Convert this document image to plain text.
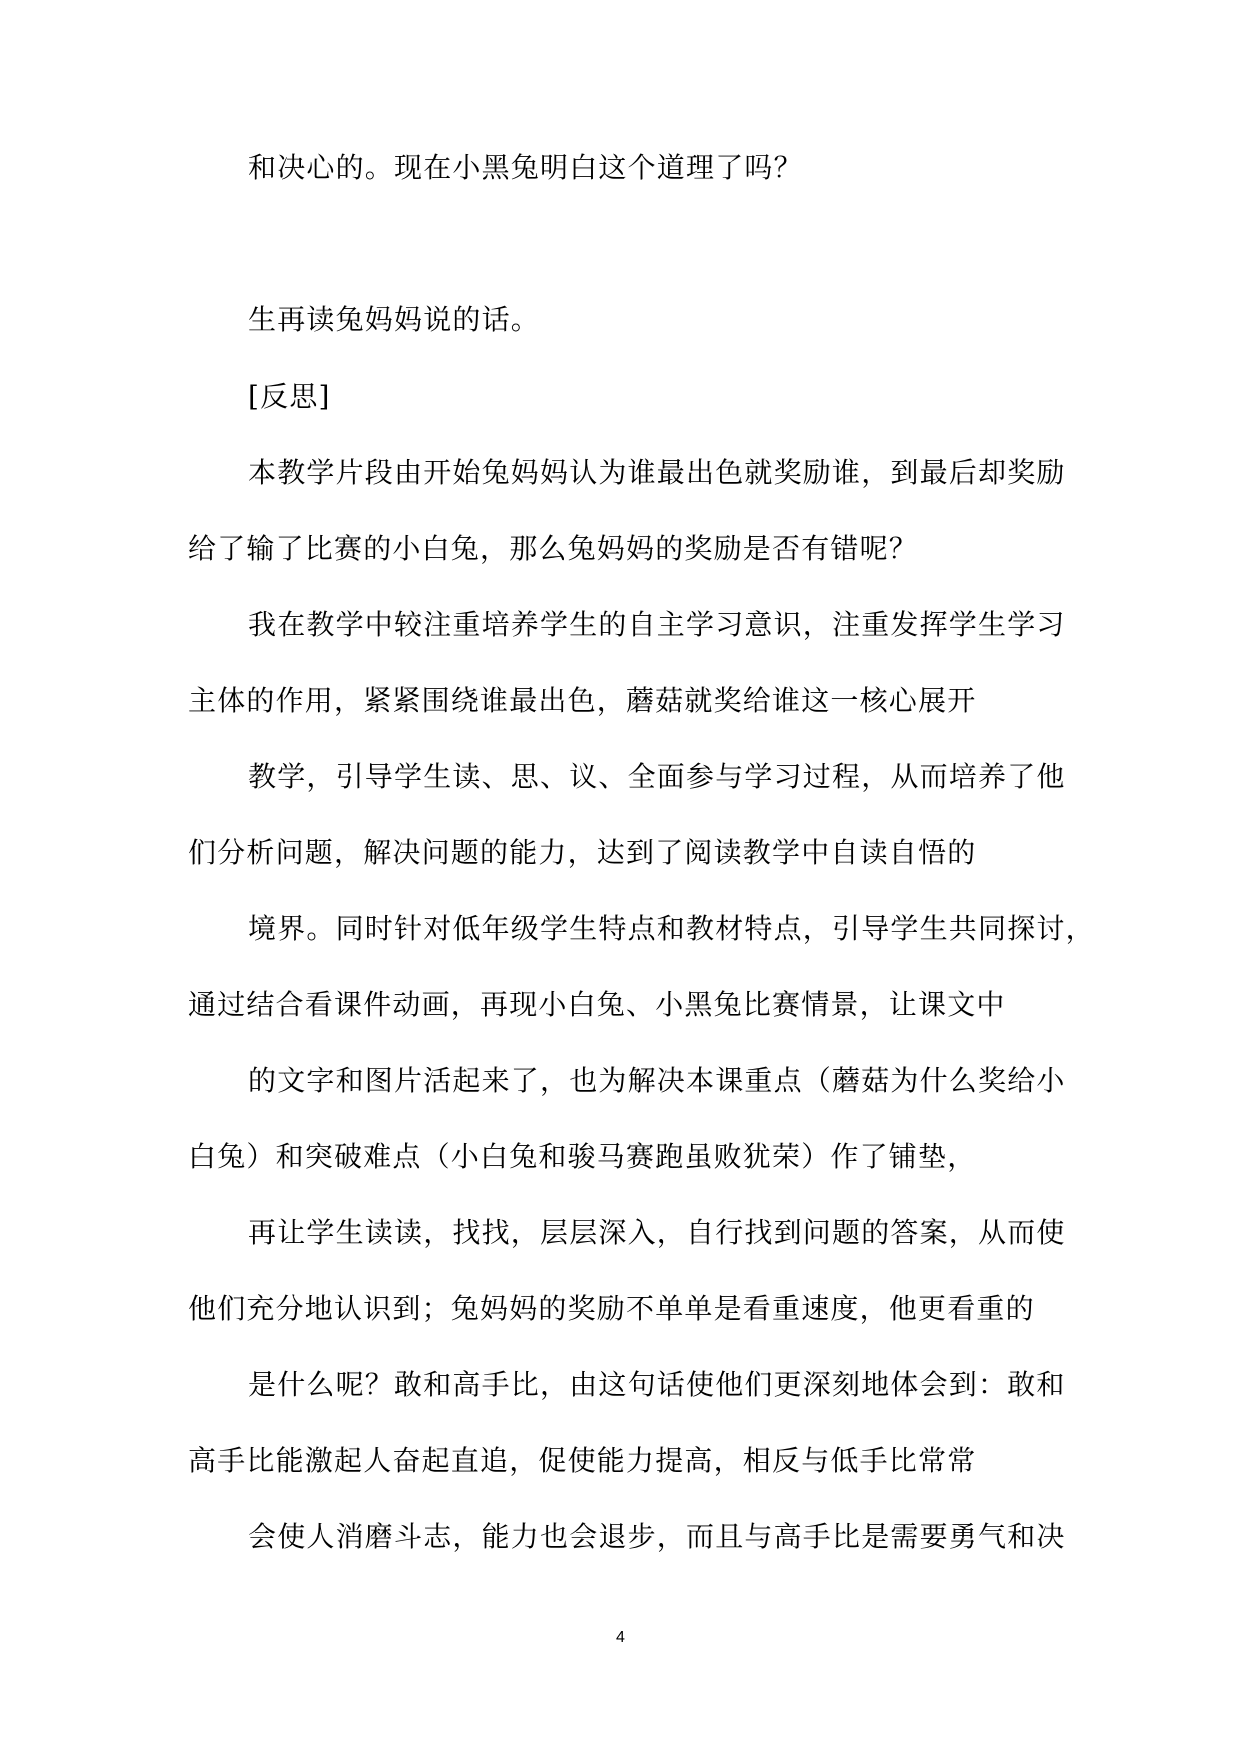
和决心的。现在小黑兔明白这个道理了吗？
生再读兔妈妈说的话。
[反思]
本教学片段由开始兔妈妈认为谁最出色就奖励谁，到最后却奖励
给了输了比赛的小白兔，那么兔妈妈的奖励是否有错呢？
我在教学中较注重培养学生的自主学习意识，注重发挥学生学习
主体的作用，紧紧围绕谁最出色，蘑菇就奖给谁这一核心展开
教学，引导学生读、思、议、全面参与学习过程，从而培养了他
们分析问题，解决问题的能力，达到了阅读教学中自读自悟的
境界。同时针对低年级学生特点和教材特点，引导学生共同探讨，
通过结合看课件动画，再现小白兔、小黑兔比赛情景，让课文中
的文字和图片活起来了，也为解决本课重点（蘑菇为什么奖给小
白兔）和突破难点（小白兔和骏马赛跑虽败犹荣）作了铺垫，
再让学生读读，找找，层层深入，自行找到问题的答案，从而使
他们充分地认识到；兔妈妈的奖励不单单是看重速度，他更看重的
是什么呢？敢和高手比，由这句话使他们更深刻地体会到：敢和
高手比能激起人奋起直追，促使能力提高，相反与低手比常常
会使人消磨斗志，能力也会退步，而且与高手比是需要勇气和决
4
